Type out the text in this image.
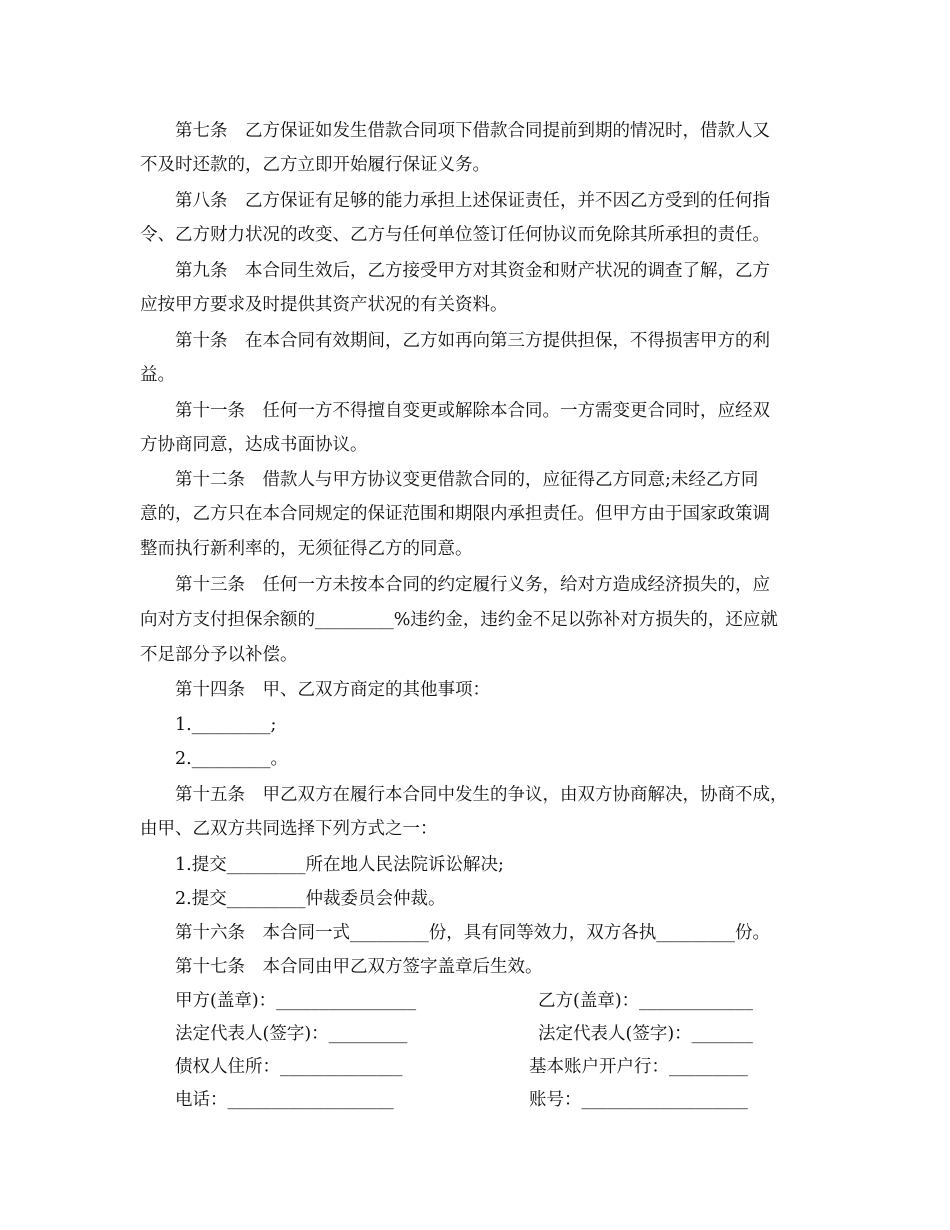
　　第七条　乙方保证如发生借款合同项下借款合同提前到期的情况时，借款人又

不及时还款的，乙方立即开始履行保证义务。

　　第八条　乙方保证有足够的能力承担上述保证责任，并不因乙方受到的任何指

令、乙方财力状况的改变、乙方与任何单位签订任何协议而免除其所承担的责任。

　　第九条　本合同生效后，乙方接受甲方对其资金和财产状况的调查了解，乙方

应按甲方要求及时提供其资产状况的有关资料。

　　第十条　在本合同有效期间，乙方如再向第三方提供担保，不得损害甲方的利

益。

　　第十一条　任何一方不得擅自变更或解除本合同。一方需变更合同时，应经双

方协商同意，达成书面协议。

　　第十二条　借款人与甲方协议变更借款合同的，应征得乙方同意;未经乙方同

意的，乙方只在本合同规定的保证范围和期限内承担责任。但甲方由于国家政策调

整而执行新利率的，无须征得乙方的同意。

　　第十三条　任何一方未按本合同的约定履行义务，给对方造成经济损失的，应

向对方支付担保余额的_________%违约金，违约金不足以弥补对方损失的，还应就

不足部分予以补偿。

　　第十四条　甲、乙双方商定的其他事项：

　　1._________;

　　2._________。

　　第十五条　甲乙双方在履行本合同中发生的争议，由双方协商解决，协商不成，

由甲、乙双方共同选择下列方式之一：

　　1.提交_________所在地人民法院诉讼解决;

　　2.提交_________仲裁委员会仲裁。

　　第十六条　本合同一式_________份，具有同等效力，双方各执_________份。

　　第十七条　本合同由甲乙双方签字盖章后生效。

甲方(盖章)：________________	乙方(盖章)：_____________

法定代表人(签字)：_________	法定代表人(签字)：_______

债权人住所：______________	基本账户开户行：_________

电话：___________________	账号：___________________
